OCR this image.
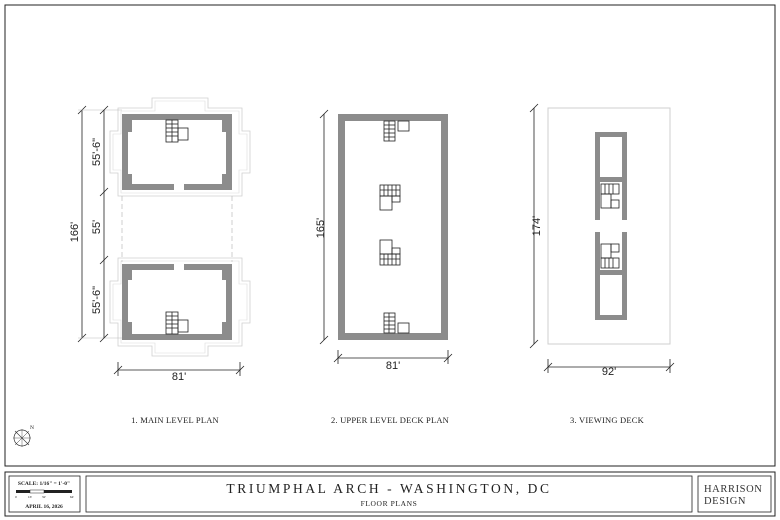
166'
55'-6"
55'
55'-6"
81'
165'
81'
174'
92'
1. MAIN LEVEL PLAN	2. UPPER LEVEL DECK PLAN	3. VIEWING DECK
N
SCALE: 1/16" = 1'-0"
0	16'	32'	64'
APRIL 16, 2026
TRIUMPHAL ARCH - WASHINGTON, DC
FLOOR PLANS
HARRISON
DESIGN
